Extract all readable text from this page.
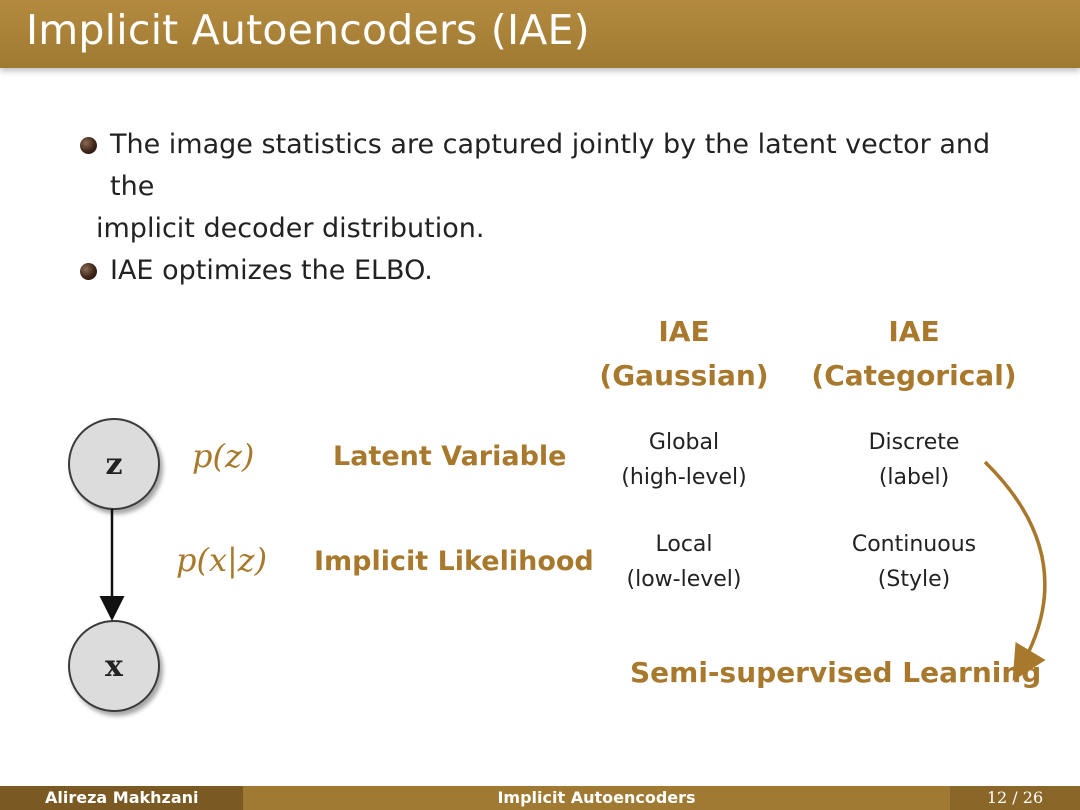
Implicit Autoencoders (IAE)
The image statistics are captured jointly by the latent vector and the
implicit decoder distribution.
IAE optimizes the ELBO.
IAE
(Gaussian)
IAE
(Categorical)
z
x
p(z)
p(x|z)
Latent Variable
Implicit Likelihood
Global
(high-level)
Discrete
(label)
Local
(low-level)
Continuous
(Style)
Semi-supervised Learning
Alireza Makhzani	Implicit Autoencoders	12 / 26
